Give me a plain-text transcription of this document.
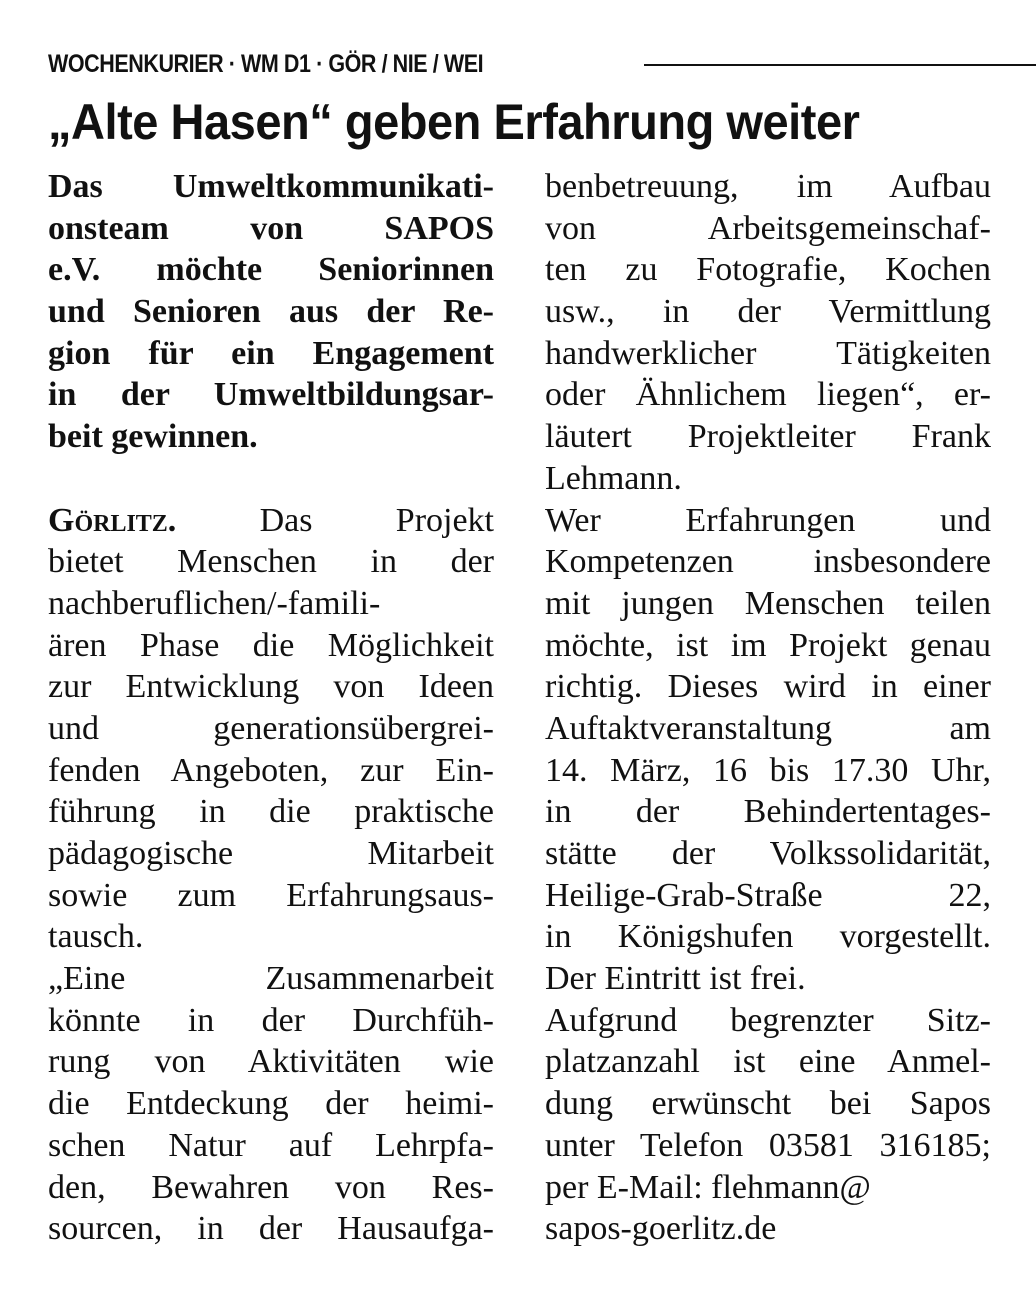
WOCHENKURIER · WM D1 · GÖR / NIE / WEI
„Alte Hasen“ geben Erfahrung weiter
Das Umweltkommunikati-
onsteam von SAPOS
e.V. möchte Seniorinnen
und Senioren aus der Re-
gion für ein Engagement
in der Umweltbildungsar-
beit gewinnen.
Görlitz. Das Projekt
bietet Menschen in der
nachberuflichen/-famili-
ären Phase die Möglichkeit
zur Entwicklung von Ideen
und generationsübergrei-
fenden Angeboten, zur Ein-
führung in die praktische
pädagogische Mitarbeit
sowie zum Erfahrungsaus-
tausch.
„Eine Zusammenarbeit
könnte in der Durchfüh-
rung von Aktivitäten wie
die Entdeckung der heimi-
schen Natur auf Lehrpfa-
den, Bewahren von Res-
sourcen, in der Hausaufga-
benbetreuung, im Aufbau
von Arbeitsgemeinschaf-
ten zu Fotografie, Kochen
usw., in der Vermittlung
handwerklicher Tätigkeiten
oder Ähnlichem liegen“, er-
läutert Projektleiter Frank
Lehmann.
Wer Erfahrungen und
Kompetenzen insbesondere
mit jungen Menschen teilen
möchte, ist im Projekt genau
richtig. Dieses wird in einer
Auftaktveranstaltung am
14. März, 16 bis 17.30 Uhr,
in der Behindertentages-
stätte der Volkssolidarität,
Heilige-Grab-Straße 22,
in Königshufen vorgestellt.
Der Eintritt ist frei.
Aufgrund begrenzter Sitz-
platzanzahl ist eine Anmel-
dung erwünscht bei Sapos
unter Telefon 03581 316185;
per E-Mail: flehmann@
sapos-goerlitz.de
